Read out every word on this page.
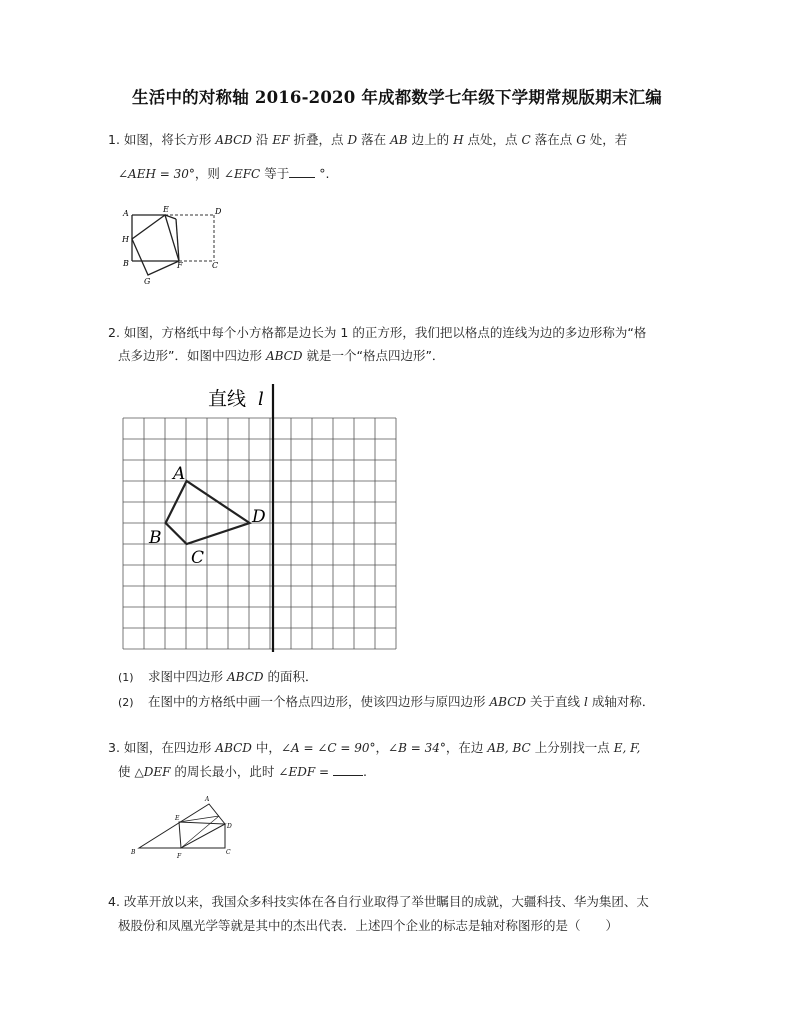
生活中的对称轴 2016-2020 年成都数学七年级下学期常规版期末汇编
1. 如图，将长方形 ABCD 沿 EF 折叠，点 D 落在 AB 边上的 H 点处，点 C 落在点 G 处，若
∠AEH = 30°，则 ∠EFC 等于 °.
A	E	D
H
B	F	C
G
2. 如图，方格纸中每个小方格都是边长为 1 的正方形，我们把以格点的连线为边的多边形称为“格
点多边形”．如图中四边形 ABCD 就是一个“格点四边形”．
直线 l
A
B
C
D
(1) 求图中四边形 ABCD 的面积．
(2) 在图中的方格纸中画一个格点四边形，使该四边形与原四边形 ABCD 关于直线 l 成轴对称．
3. 如图，在四边形 ABCD 中，∠A = ∠C = 90°，∠B = 34°，在边 AB, BC 上分别找一点 E, F,
使 △DEF 的周长最小，此时 ∠EDF =	.
A
E
D
B
F
C
4. 改革开放以来，我国众多科技实体在各自行业取得了举世瞩目的成就，大疆科技、华为集团、太
极股份和凤凰光学等就是其中的杰出代表．上述四个企业的标志是轴对称图形的是（　　）
